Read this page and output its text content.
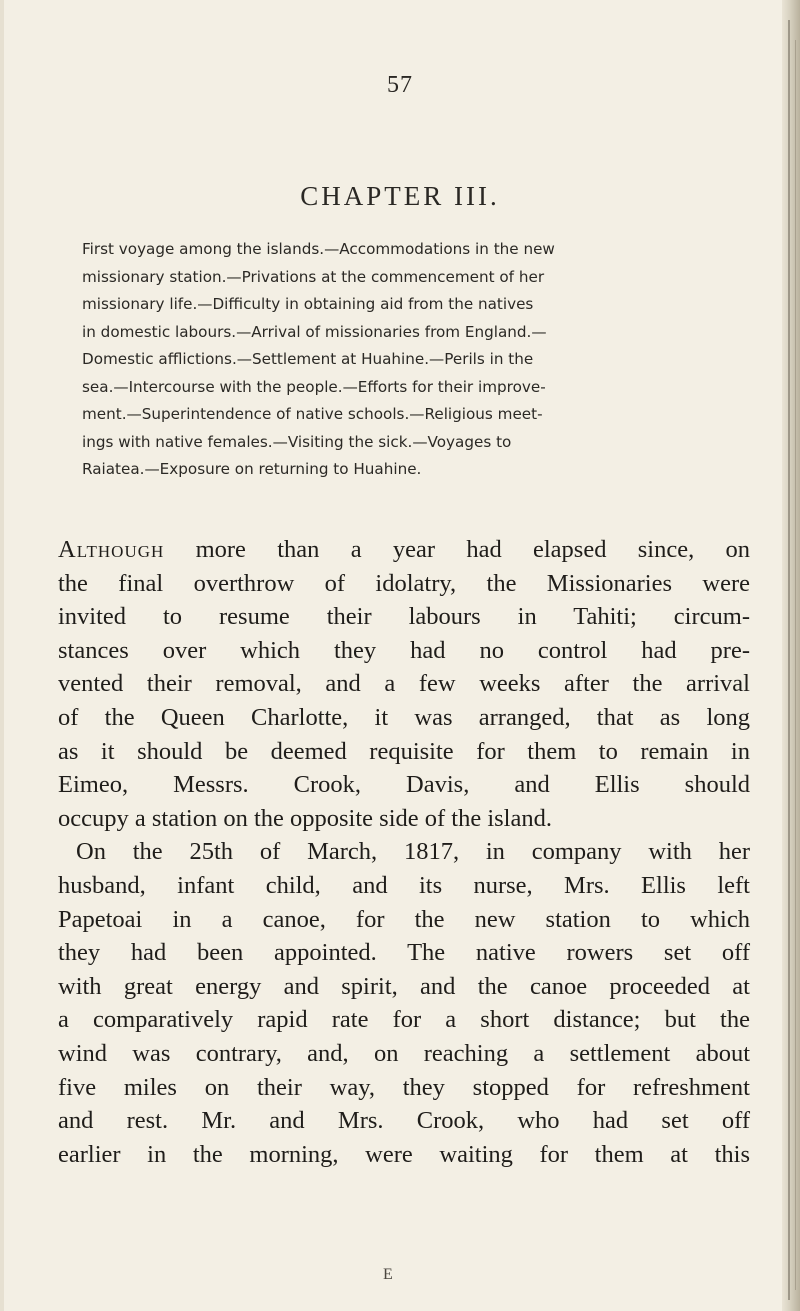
57
CHAPTER III.
First voyage among the islands.—Accommodations in the new
missionary station.—Privations at the commencement of her
missionary life.—Difficulty in obtaining aid from the natives
in domestic labours.—Arrival of missionaries from England.—
Domestic afflictions.—Settlement at Huahine.—Perils in the
sea.—Intercourse with the people.—Efforts for their improve-
ment.—Superintendence of native schools.—Religious meet-
ings with native females.—Visiting the sick.—Voyages to
Raiatea.—Exposure on returning to Huahine.
Although more than a year had elapsed since, on
the final overthrow of idolatry, the Missionaries were
invited to resume their labours in Tahiti; circum-
stances over which they had no control had pre-
vented their removal, and a few weeks after the arrival
of the Queen Charlotte, it was arranged, that as long
as it should be deemed requisite for them to remain in
Eimeo, Messrs. Crook, Davis, and Ellis should
occupy a station on the opposite side of the island.
On the 25th of March, 1817, in company with her
husband, infant child, and its nurse, Mrs. Ellis left
Papetoai in a canoe, for the new station to which
they had been appointed. The native rowers set off
with great energy and spirit, and the canoe proceeded at
a comparatively rapid rate for a short distance; but the
wind was contrary, and, on reaching a settlement about
five miles on their way, they stopped for refreshment
and rest. Mr. and Mrs. Crook, who had set off
earlier in the morning, were waiting for them at this
E
